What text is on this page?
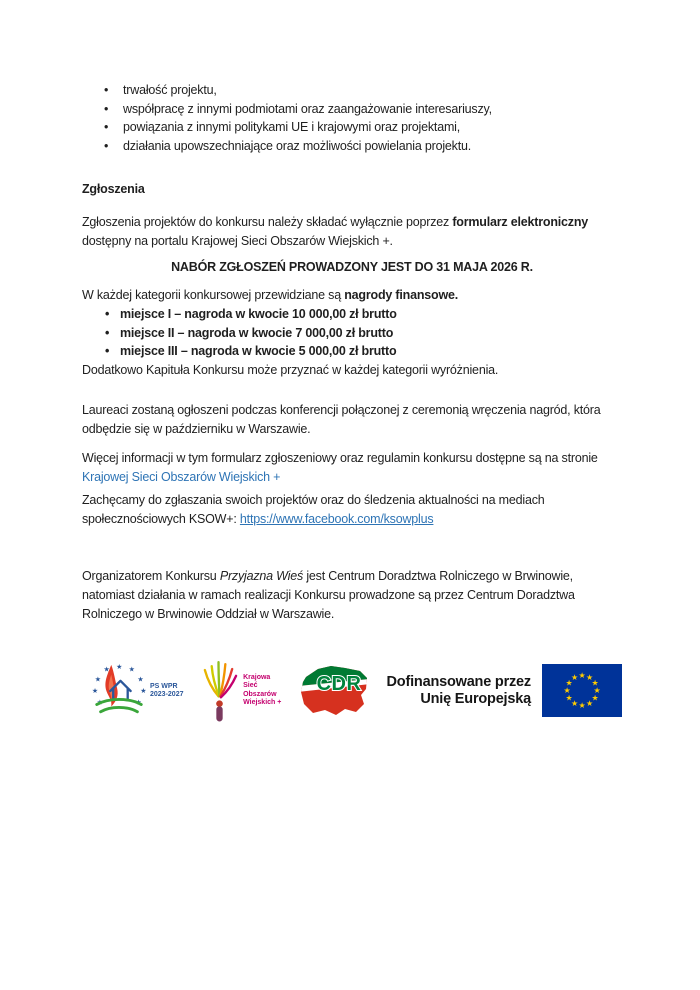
• trwałość projektu,
• współpracę z innymi podmiotami oraz zaangażowanie interesariuszy,
• powiązania z innymi politykami UE i krajowymi oraz projektami,
• działania upowszechniające oraz możliwości powielania projektu.

Zgłoszenia

Zgłoszenia projektów do konkursu należy składać wyłącznie poprzez formularz elektroniczny dostępny na portalu Krajowej Sieci Obszarów Wiejskich +.

NABÓR ZGŁOSZEŃ PROWADZONY JEST DO 31 MAJA 2026 R.

W każdej kategorii konkursowej przewidziane są nagrody finansowe.

• miejsce I – nagroda w kwocie 10 000,00 zł brutto
• miejsce II – nagroda w kwocie 7 000,00 zł brutto
• miejsce III – nagroda w kwocie 5 000,00 zł brutto

Dodatkowo Kapituła Konkursu może przyznać w każdej kategorii wyróżnienia.

Laureaci zostaną ogłoszeni podczas konferencji połączonej z ceremonią wręczenia nagród, która odbędzie się w październiku w Warszawie.

Więcej informacji w tym formularz zgłoszeniowy oraz regulamin konkursu dostępne są na stronie Krajowej Sieci Obszarów Wiejskich +

Zachęcamy do zgłaszania swoich projektów oraz do śledzenia aktualności na mediach społecznościowych KSOW+: https://www.facebook.com/ksowplus

Organizatorem Konkursu Przyjazna Wieś jest Centrum Doradztwa Rolniczego w Brwinowie, natomiast działania w ramach realizacji Konkursu prowadzone są przez Centrum Doradztwa Rolniczego w Brwinowie Oddział w Warszawie.

★ ★
★
★
★
★
★
★
★
PS WPR
2023-2027
Krajowa
Sieć
Obszarów
Wiejskich +
CDR Dofinansowane przez
Unię Europejską
★ ★
★
★
★
★
★
★
★
★
★
★
